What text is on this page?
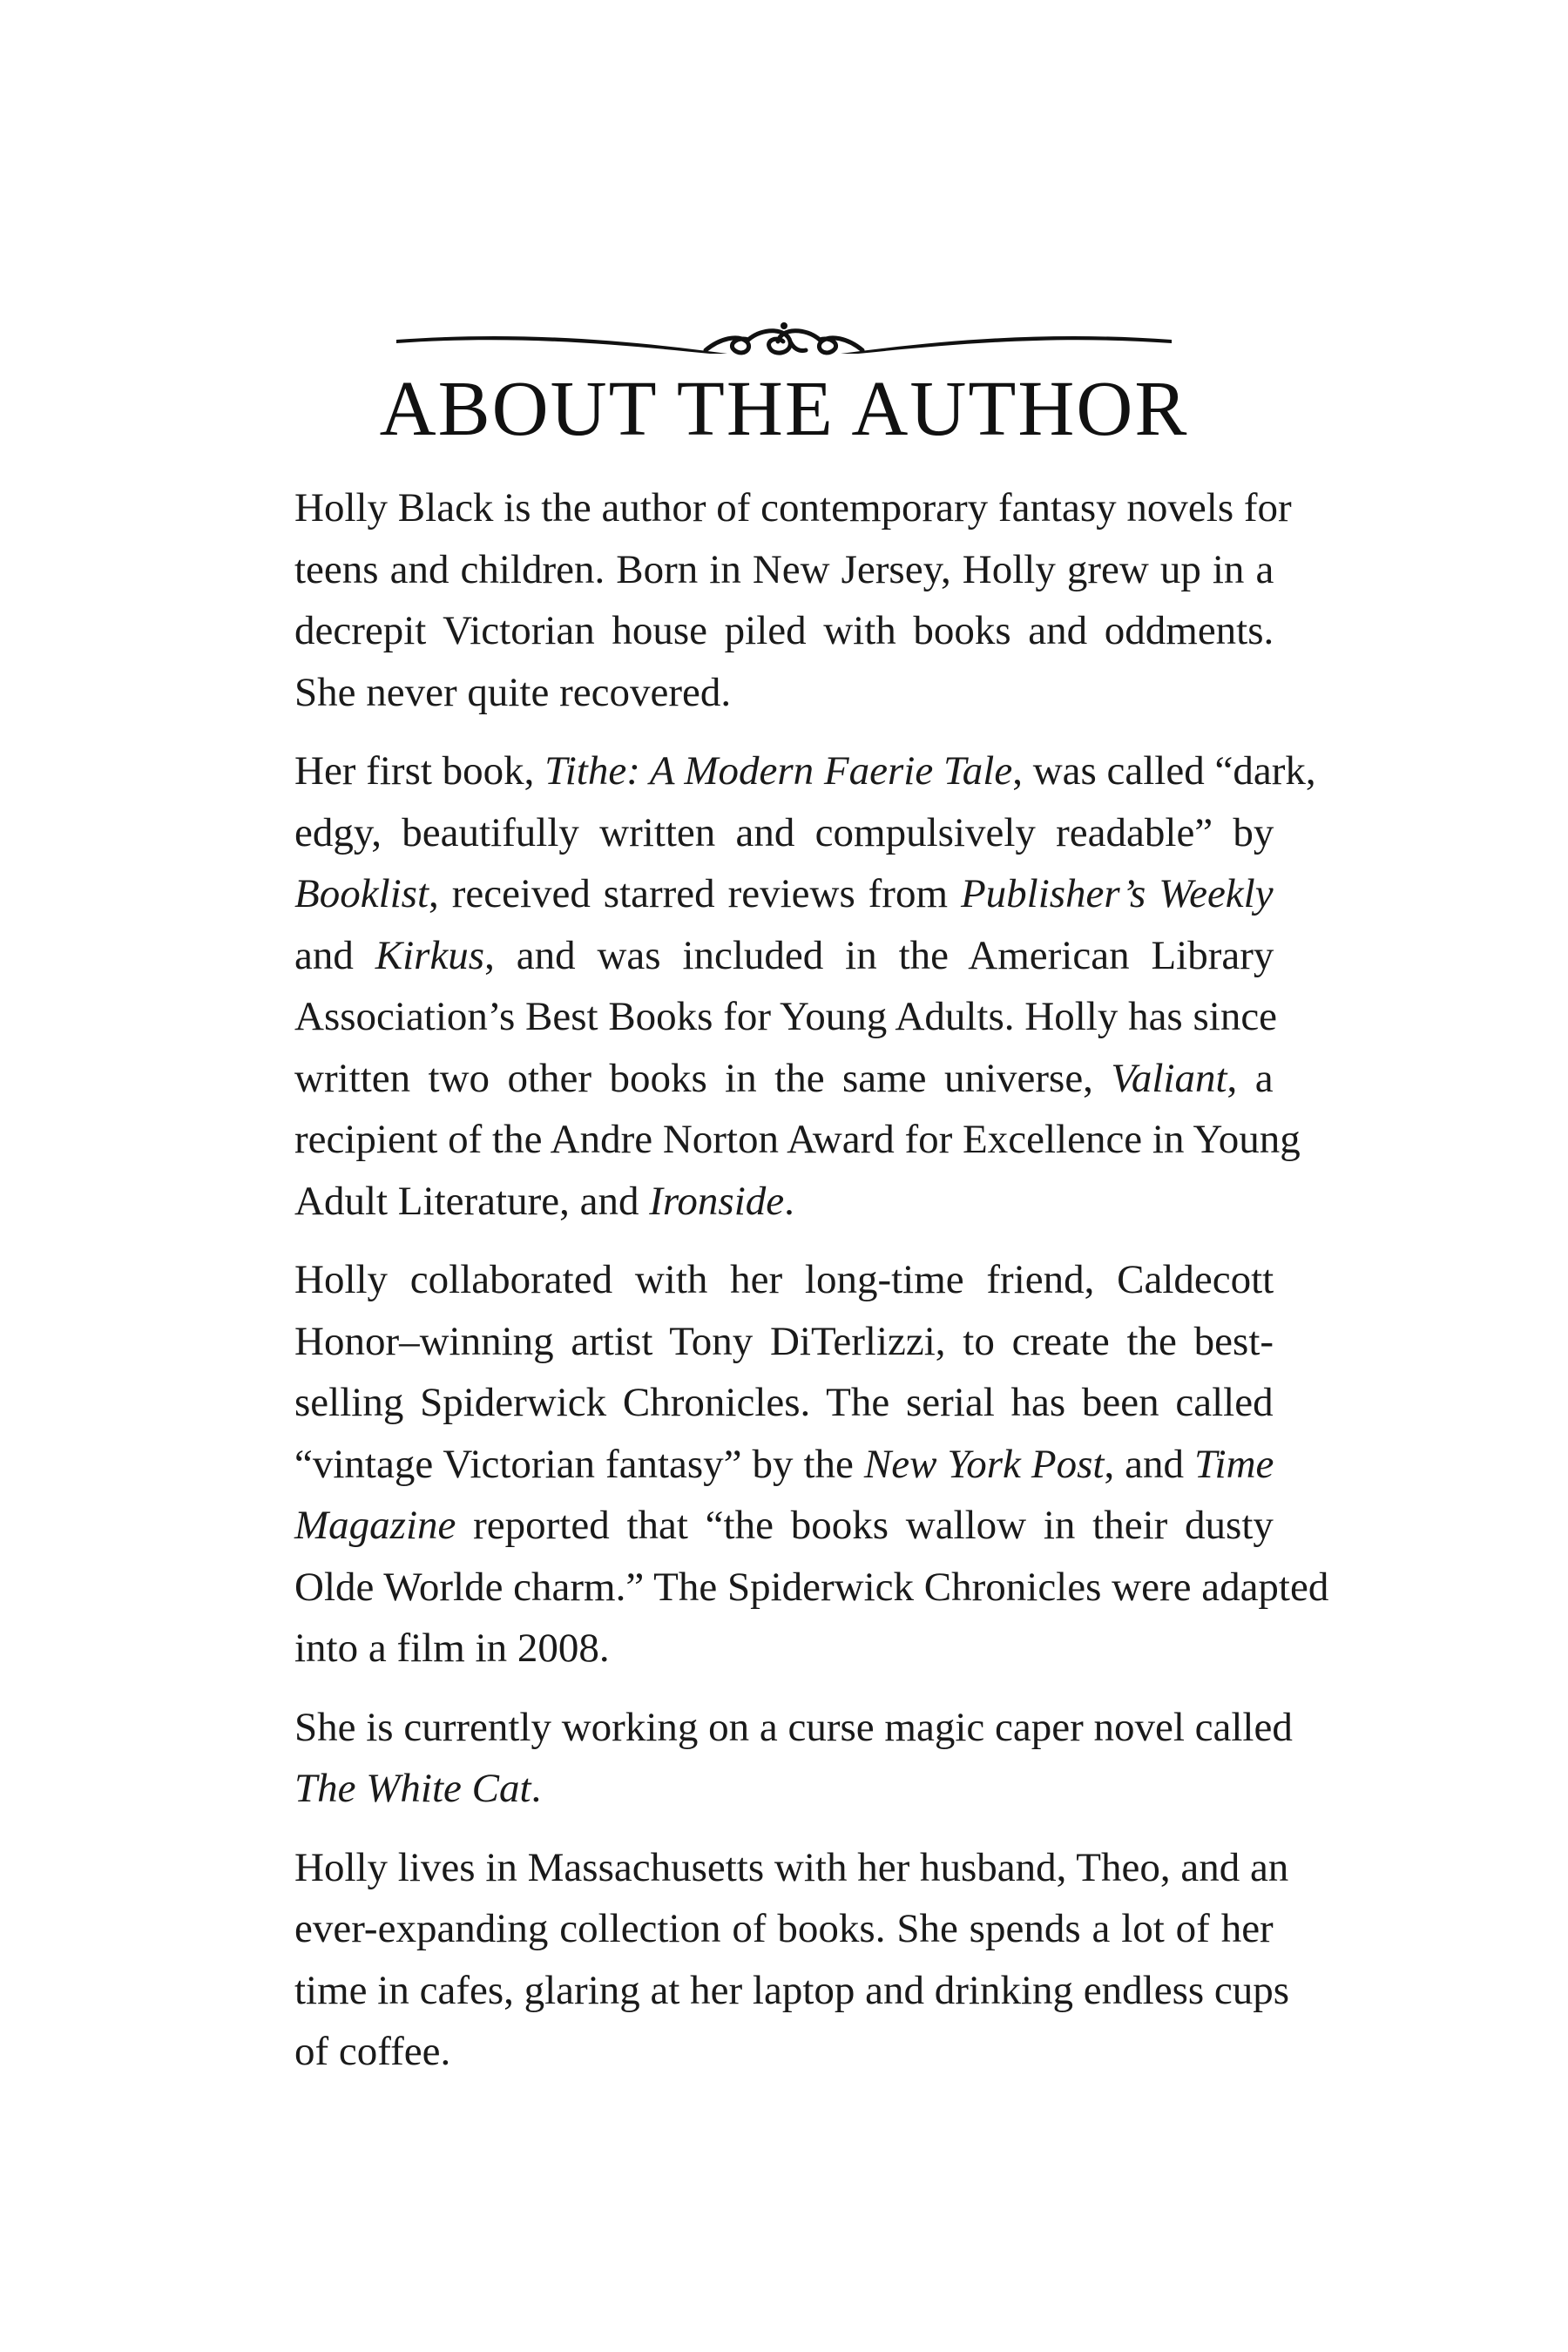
ABOUT THE AUTHOR

Holly Black is the author of contemporary fantasy novels for
teens and children. Born in New Jersey, Holly grew up in a
decrepit Victorian house piled with books and oddments.
She never quite recovered.

Her first book, Tithe: A Modern Faerie Tale, was called “dark,
edgy, beautifully written and compulsively readable” by
Booklist, received starred reviews from Publisher’s Weekly
and Kirkus, and was included in the American Library
Association’s Best Books for Young Adults. Holly has since
written two other books in the same universe, Valiant, a
recipient of the Andre Norton Award for Excellence in Young
Adult Literature, and Ironside.

Holly collaborated with her long-time friend, Caldecott
Honor–winning artist Tony DiTerlizzi, to create the best-
selling Spiderwick Chronicles. The serial has been called
“vintage Victorian fantasy” by the New York Post, and Time
Magazine reported that “the books wallow in their dusty
Olde Worlde charm.” The Spiderwick Chronicles were adapted
into a film in 2008.

She is currently working on a curse magic caper novel called
The White Cat.

Holly lives in Massachusetts with her husband, Theo, and an
ever-expanding collection of books. She spends a lot of her
time in cafes, glaring at her laptop and drinking endless cups
of coffee.
